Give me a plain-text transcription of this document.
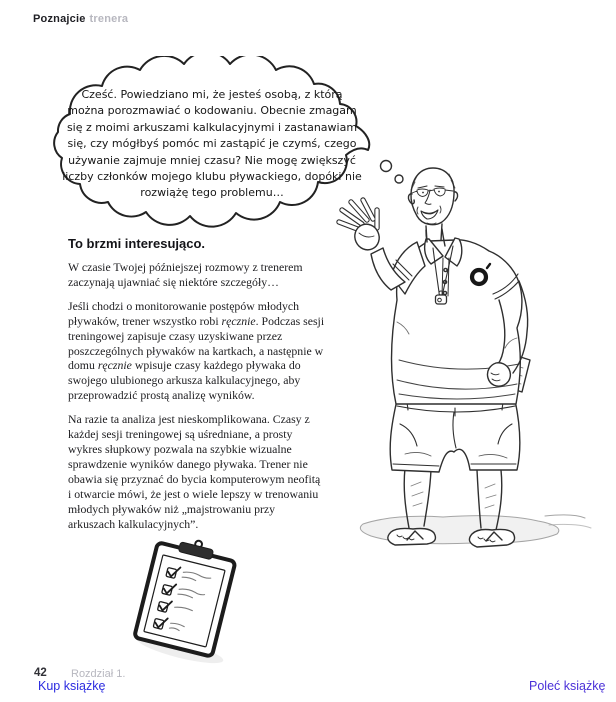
Poznajcie trenera
Cześć. Powiedziano mi, że jesteś osobą, z którą można porozmawiać o kodowaniu. Obecnie zmagam się z moimi arkuszami kalkulacyjnymi i zastanawiam się, czy mógłbyś pomóc mi zastąpić je czymś, czego używanie zajmuje mniej czasu? Nie mogę zwiększyć liczby członków mojego klubu pływackiego, dopóki nie rozwiążę tego problemu…
To brzmi interesująco.

W czasie Twojej późniejszej rozmowy z trenerem zaczynają ujawniać się niektóre szczegóły…

Jeśli chodzi o monitorowanie postępów młodych pływaków, trener wszystko robi ręcznie. Podczas sesji treningowej zapisuje czasy uzyskiwane przez poszczególnych pływaków na kartkach, a następnie w domu ręcznie wpisuje czasy każdego pływaka do swojego ulubionego arkusza kalkulacyjnego, aby przeprowadzić prostą analizę wyników.

Na razie ta analiza jest nieskomplikowana. Czasy z każdej sesji treningowej są uśredniane, a prosty wykres słupkowy pozwala na szybkie wizualne sprawdzenie wyników danego pływaka. Trener nie obawia się przyznać do bycia komputerowym neofitą i otwarcie mówi, że jest o wiele lepszy w trenowaniu młodych pływaków niż „majstrowaniu przy arkuszach kalkulacyjnych”.

42 Rozdział 1.
Kup książkę	Poleć książkę
